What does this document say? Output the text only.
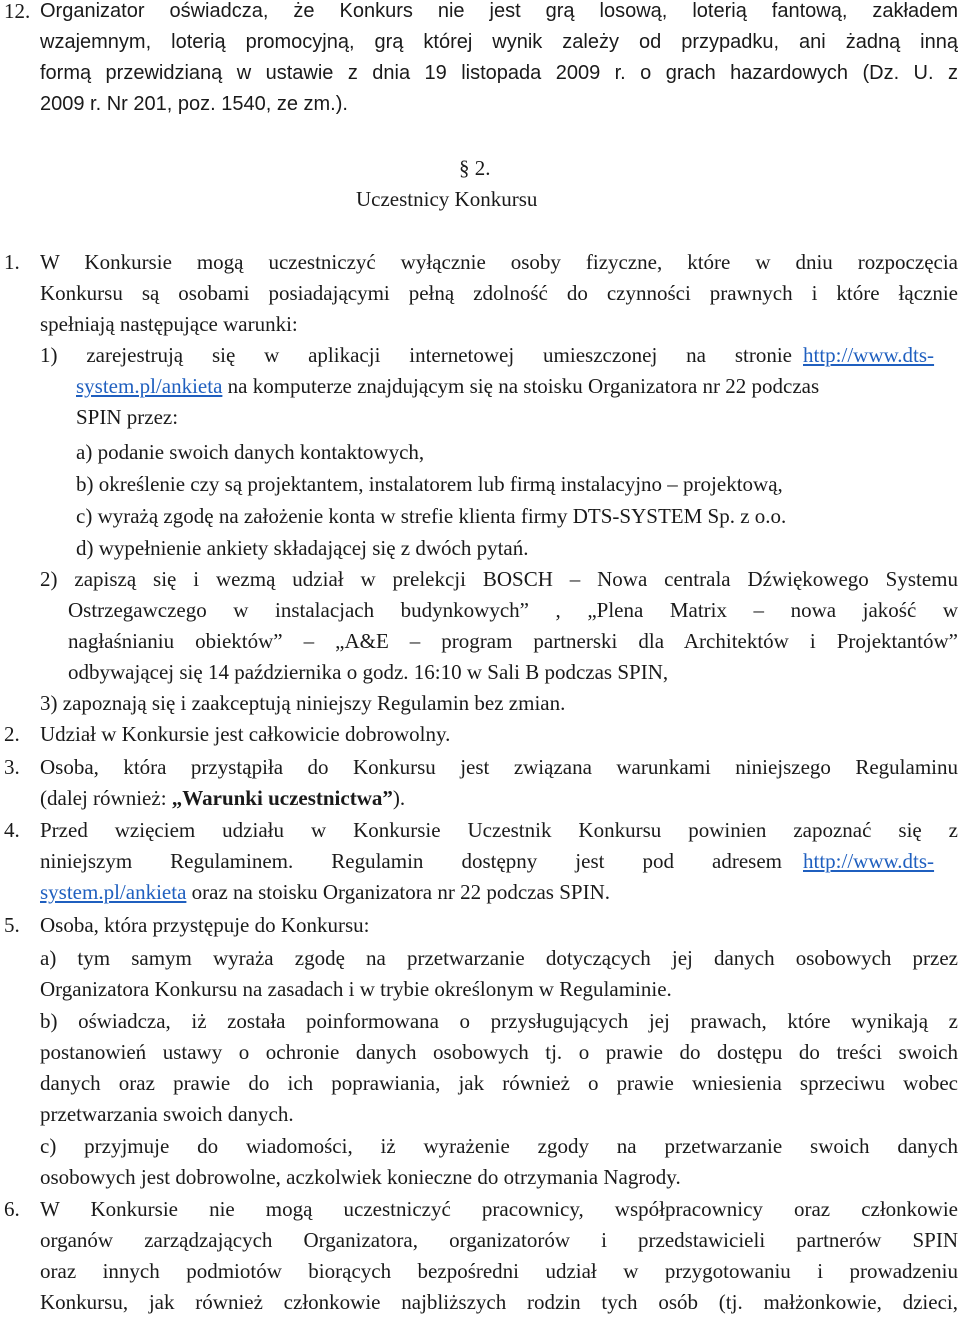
12. Organizator oświadcza, że Konkurs nie jest grą losową, loterią fantową, zakładem
wzajemnym, loterią promocyjną, grą której wynik zależy od przypadku, ani żadną inną
formą przewidzianą w ustawie z dnia 19 listopada 2009 r. o grach hazardowych (Dz. U. z
2009 r. Nr 201, poz. 1540, ze zm.).
§ 2.
Uczestnicy Konkursu
1. W Konkursie mogą uczestniczyć wyłącznie osoby fizyczne, które w dniu rozpoczęcia
Konkursu są osobami posiadającymi pełną zdolność do czynności prawnych i które łącznie
spełniają następujące warunki:
1) zarejestrują się w aplikacji internetowej umieszczonej na stronie http://www.dts-
system.pl/ankieta na komputerze znajdującym się na stoisku Organizatora nr 22 podczas
SPIN przez:
a) podanie swoich danych kontaktowych,
b) określenie czy są projektantem, instalatorem lub firmą instalacyjno – projektową,
c) wyrażą zgodę na założenie konta w strefie klienta firmy DTS-SYSTEM Sp. z o.o.
d) wypełnienie ankiety składającej się z dwóch pytań.
2) zapiszą się i wezmą udział w prelekcji BOSCH – Nowa centrala Dźwiękowego Systemu
Ostrzegawczego w instalacjach budynkowych” , „Plena Matrix – nowa jakość w
nagłaśnianiu obiektów” – „A&E – program partnerski dla Architektów i Projektantów”
odbywającej się 14 października o godz. 16:10 w Sali B podczas SPIN,
3) zapoznają się i zaakceptują niniejszy Regulamin bez zmian.
2. Udział w Konkursie jest całkowicie dobrowolny.
3. Osoba, która przystąpiła do Konkursu jest związana warunkami niniejszego Regulaminu
(dalej również: „Warunki uczestnictwa”).
4. Przed wzięciem udziału w Konkursie Uczestnik Konkursu powinien zapoznać się z
niniejszym Regulaminem. Regulamin dostępny jest pod adresem http://www.dts-
system.pl/ankieta oraz na stoisku Organizatora nr 22 podczas SPIN.
5. Osoba, która przystępuje do Konkursu:
a) tym samym wyraża zgodę na przetwarzanie dotyczących jej danych osobowych przez
Organizatora Konkursu na zasadach i w trybie określonym w Regulaminie.
b) oświadcza, iż została poinformowana o przysługujących jej prawach, które wynikają z
postanowień ustawy o ochronie danych osobowych tj. o prawie do dostępu do treści swoich
danych oraz prawie do ich poprawiania, jak również o prawie wniesienia sprzeciwu wobec
przetwarzania swoich danych.
c) przyjmuje do wiadomości, iż wyrażenie zgody na przetwarzanie swoich danych
osobowych jest dobrowolne, aczkolwiek konieczne do otrzymania Nagrody.
6. W Konkursie nie mogą uczestniczyć pracownicy, współpracownicy oraz członkowie
organów zarządzających Organizatora, organizatorów i przedstawicieli partnerów SPIN
oraz innych podmiotów biorących bezpośredni udział w przygotowaniu i prowadzeniu
Konkursu, jak również członkowie najbliższych rodzin tych osób (tj. małżonkowie, dzieci,
